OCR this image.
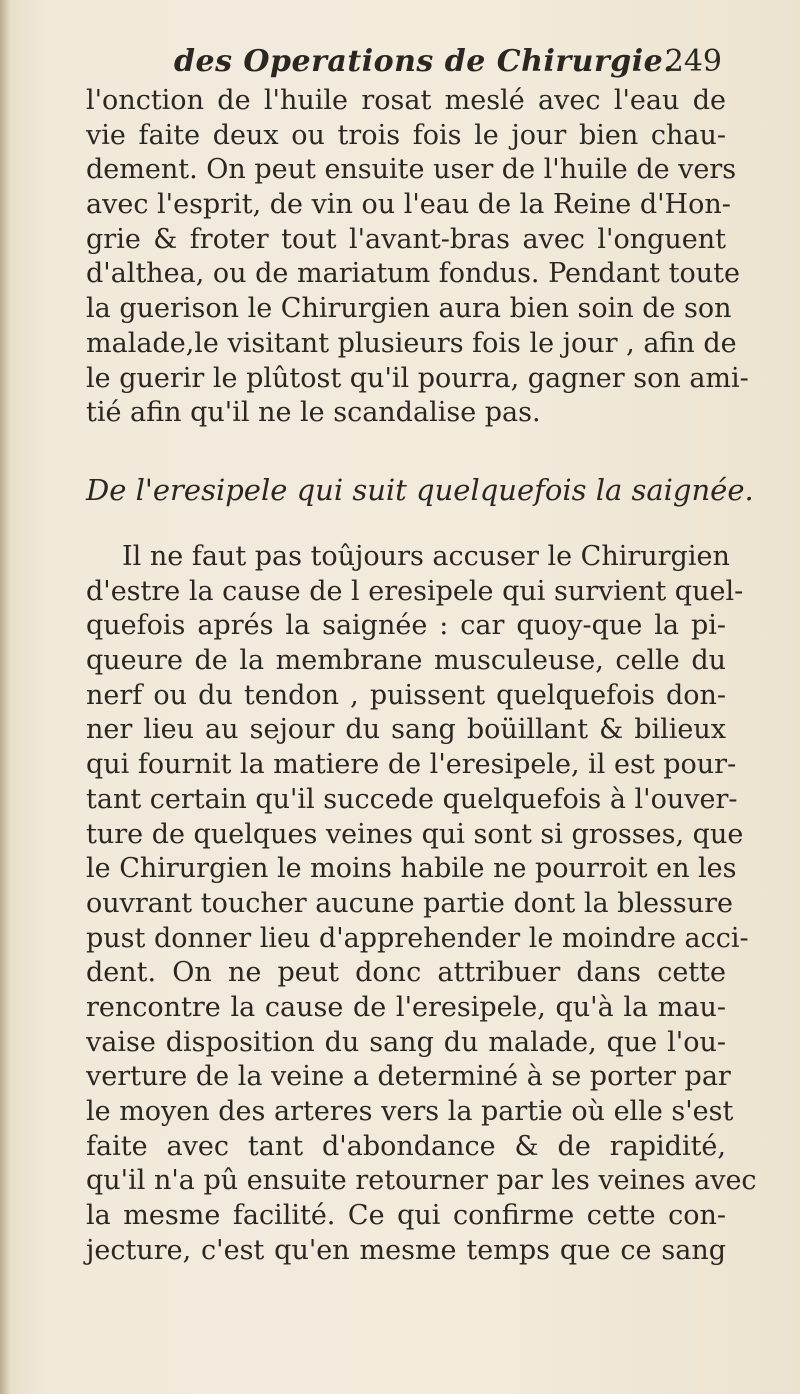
des Operations de Chirurgie.
249
l'onction de l'huile rosat meslé avec l'eau de
vie faite deux ou trois fois le jour bien chau-
dement. On peut ensuite user de l'huile de vers
avec l'esprit, de vin ou l'eau de la Reine d'Hon-
grie & froter tout l'avant-bras avec l'onguent
d'althea, ou de mariatum fondus. Pendant toute
la guerison le Chirurgien aura bien soin de son
malade,le visitant plusieurs fois le jour , afin de
le guerir le plûtost qu'il pourra, gagner son ami-
tié afin qu'il ne le scandalise pas.
De l'eresipele qui suit quelquefois la saignée.
Il ne faut pas toûjours accuser le Chirurgien
d'estre la cause de l eresipele qui survient quel-
quefois aprés la saignée : car quoy-que la pi-
queure de la membrane musculeuse, celle du
nerf ou du tendon , puissent quelquefois don-
ner lieu au sejour du sang boüillant & bilieux
qui fournit la matiere de l'eresipele, il est pour-
tant certain qu'il succede quelquefois à l'ouver-
ture de quelques veines qui sont si grosses, que
le Chirurgien le moins habile ne pourroit en les
ouvrant toucher aucune partie dont la blessure
pust donner lieu d'apprehender le moindre acci-
dent. On ne peut donc attribuer dans cette
rencontre la cause de l'eresipele, qu'à la mau-
vaise disposition du sang du malade, que l'ou-
verture de la veine a determiné à se porter par
le moyen des arteres vers la partie où elle s'est
faite avec tant d'abondance & de rapidité,
qu'il n'a pû ensuite retourner par les veines avec
la mesme facilité. Ce qui confirme cette con-
jecture, c'est qu'en mesme temps que ce sang
